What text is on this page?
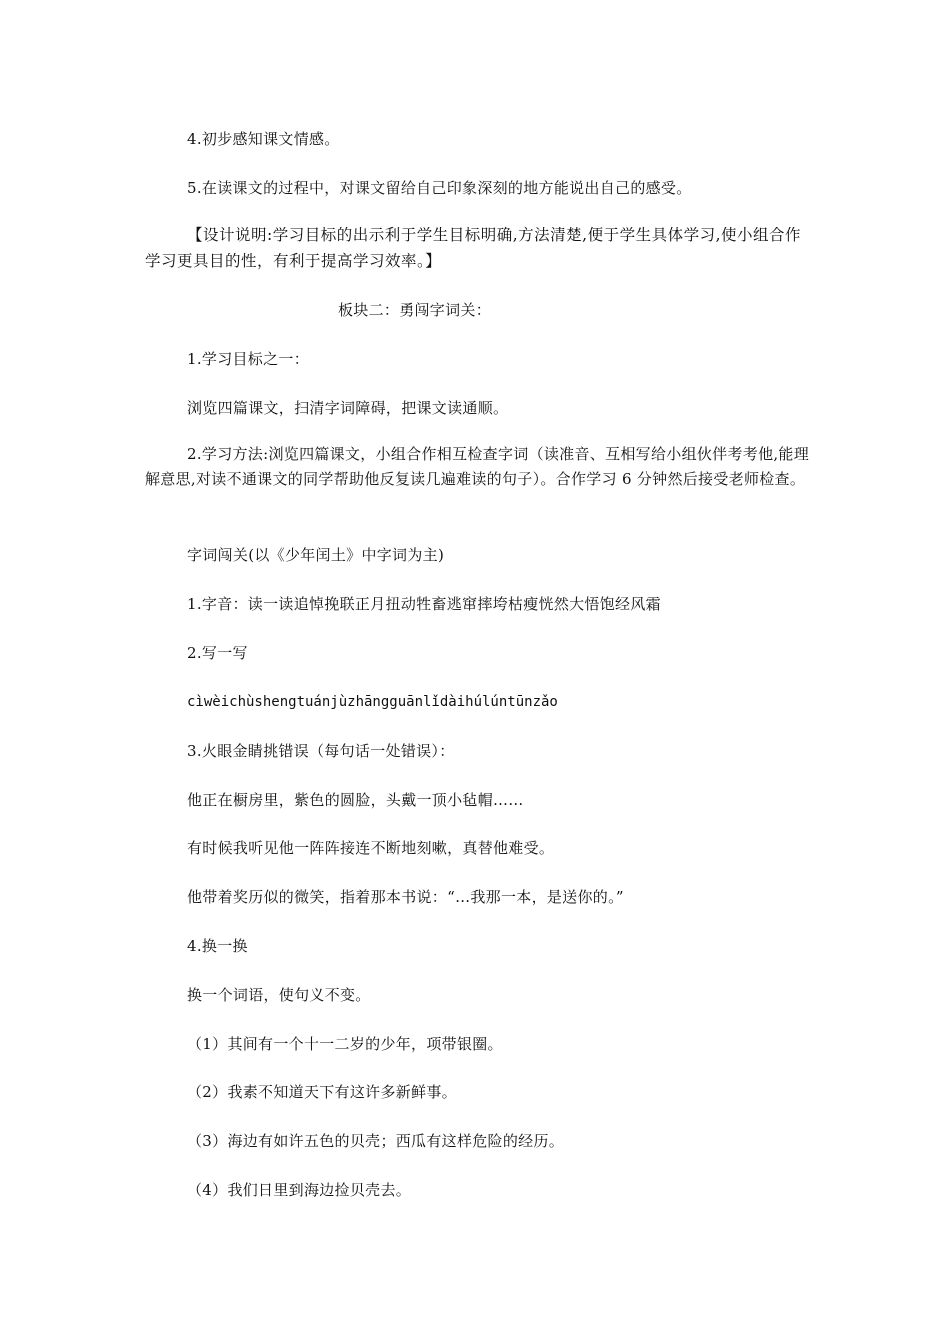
4.初步感知课文情感。
5.在读课文的过程中，对课文留给自己印象深刻的地方能说出自己的感受。
【设计说明:学习目标的出示利于学生目标明确,方法清楚,便于学生具体学习,使小组合作学习更具目的性，有利于提高学习效率。】
板块二：勇闯字词关：
1.学习目标之一：
浏览四篇课文，扫清字词障碍，把课文读通顺。
2.学习方法:浏览四篇课文，小组合作相互检查字词（读准音、互相写给小组伙伴考考他,能理解意思,对读不通课文的同学帮助他反复读几遍难读的句子）。合作学习 6 分钟然后接受老师检查。
字词闯关(以《少年闰土》中字词为主)
1.字音：读一读追悼挽联正月扭动牲畜逃窜摔垮枯瘦恍然大悟饱经风霜
2.写一写
cìwèichùshengtuánjùzhāngguānlǐdàihúlúntūnzǎo
3.火眼金睛挑错误（每句话一处错误）：
他正在橱房里，紫色的圆脸，头戴一顶小毡帽……
有时候我听见他一阵阵接连不断地刻嗽，真替他难受。
他带着奖历似的微笑，指着那本书说：“…我那一本，是送你的。”
4.换一换
换一个词语，使句义不变。
（1）其间有一个十一二岁的少年，项带银圈。
（2）我素不知道天下有这许多新鲜事。
（3）海边有如许五色的贝壳；西瓜有这样危险的经历。
（4）我们日里到海边捡贝壳去。
